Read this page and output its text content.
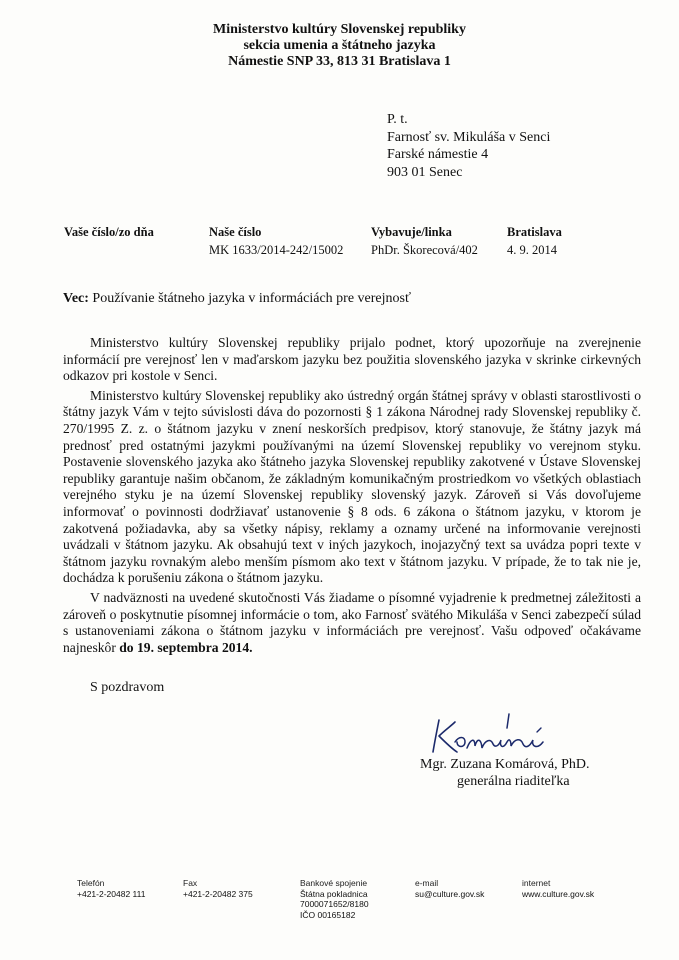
Ministerstvo kultúry Slovenskej republiky
sekcia umenia a štátneho jazyka
Námestie SNP 33, 813 31 Bratislava 1
P. t.
Farnosť sv. Mikuláša v Senci
Farské námestie 4
903 01 Senec
Vaše číslo/zo dňa	Naše číslo
MK 1633/2014-242/15002
Vybavuje/linka
PhDr. Škorecová/402
Bratislava
4. 9. 2014
Vec: Používanie štátneho jazyka v informáciách pre verejnosť

Ministerstvo kultúry Slovenskej republiky prijalo podnet, ktorý upozorňuje na zverejnenie informácií pre verejnosť len v maďarskom jazyku bez použitia slovenského jazyka v skrinke cirkevných odkazov pri kostole v Senci.

Ministerstvo kultúry Slovenskej republiky ako ústredný orgán štátnej správy v oblasti starostlivosti o štátny jazyk Vám v tejto súvislosti dáva do pozornosti § 1 zákona Národnej rady Slovenskej republiky č. 270/1995 Z. z. o štátnom jazyku v znení neskorších predpisov, ktorý stanovuje, že štátny jazyk má prednosť pred ostatnými jazykmi používanými na území Slovenskej republiky vo verejnom styku. Postavenie slovenského jazyka ako štátneho jazyka Slovenskej republiky zakotvené v Ústave Slovenskej republiky garantuje našim občanom, že základným komunikačným prostriedkom vo všetkých oblastiach verejného styku je na území Slovenskej republiky slovenský jazyk. Zároveň si Vás dovoľujeme informovať o povinnosti dodržiavať ustanovenie § 8 ods. 6 zákona o štátnom jazyku, v ktorom je zakotvená požiadavka, aby sa všetky nápisy, reklamy a oznamy určené na informovanie verejnosti uvádzali v štátnom jazyku. Ak obsahujú text v iných jazykoch, inojazyčný text sa uvádza popri texte v štátnom jazyku rovnakým alebo menším písmom ako text v štátnom jazyku. V prípade, že to tak nie je, dochádza k porušeniu zákona o štátnom jazyku.

V nadväznosti na uvedené skutočnosti Vás žiadame o písomné vyjadrenie k predmetnej záležitosti a zároveň o poskytnutie písomnej informácie o tom, ako Farnosť svätého Mikuláša v Senci zabezpečí súlad s ustanoveniami zákona o štátnom jazyku v informáciách pre verejnosť. Vašu odpoveď očakávame najneskôr do 19. septembra 2014.

S pozdravom
Mgr. Zuzana Komárová, PhD.
generálna riaditeľka
Telefón
+421-2-20482 111
Fax
+421-2-20482 375
Bankové spojenie
Štátna pokladnica
7000071652/8180
IČO 00165182
e-mail
su@culture.gov.sk
internet
www.culture.gov.sk
